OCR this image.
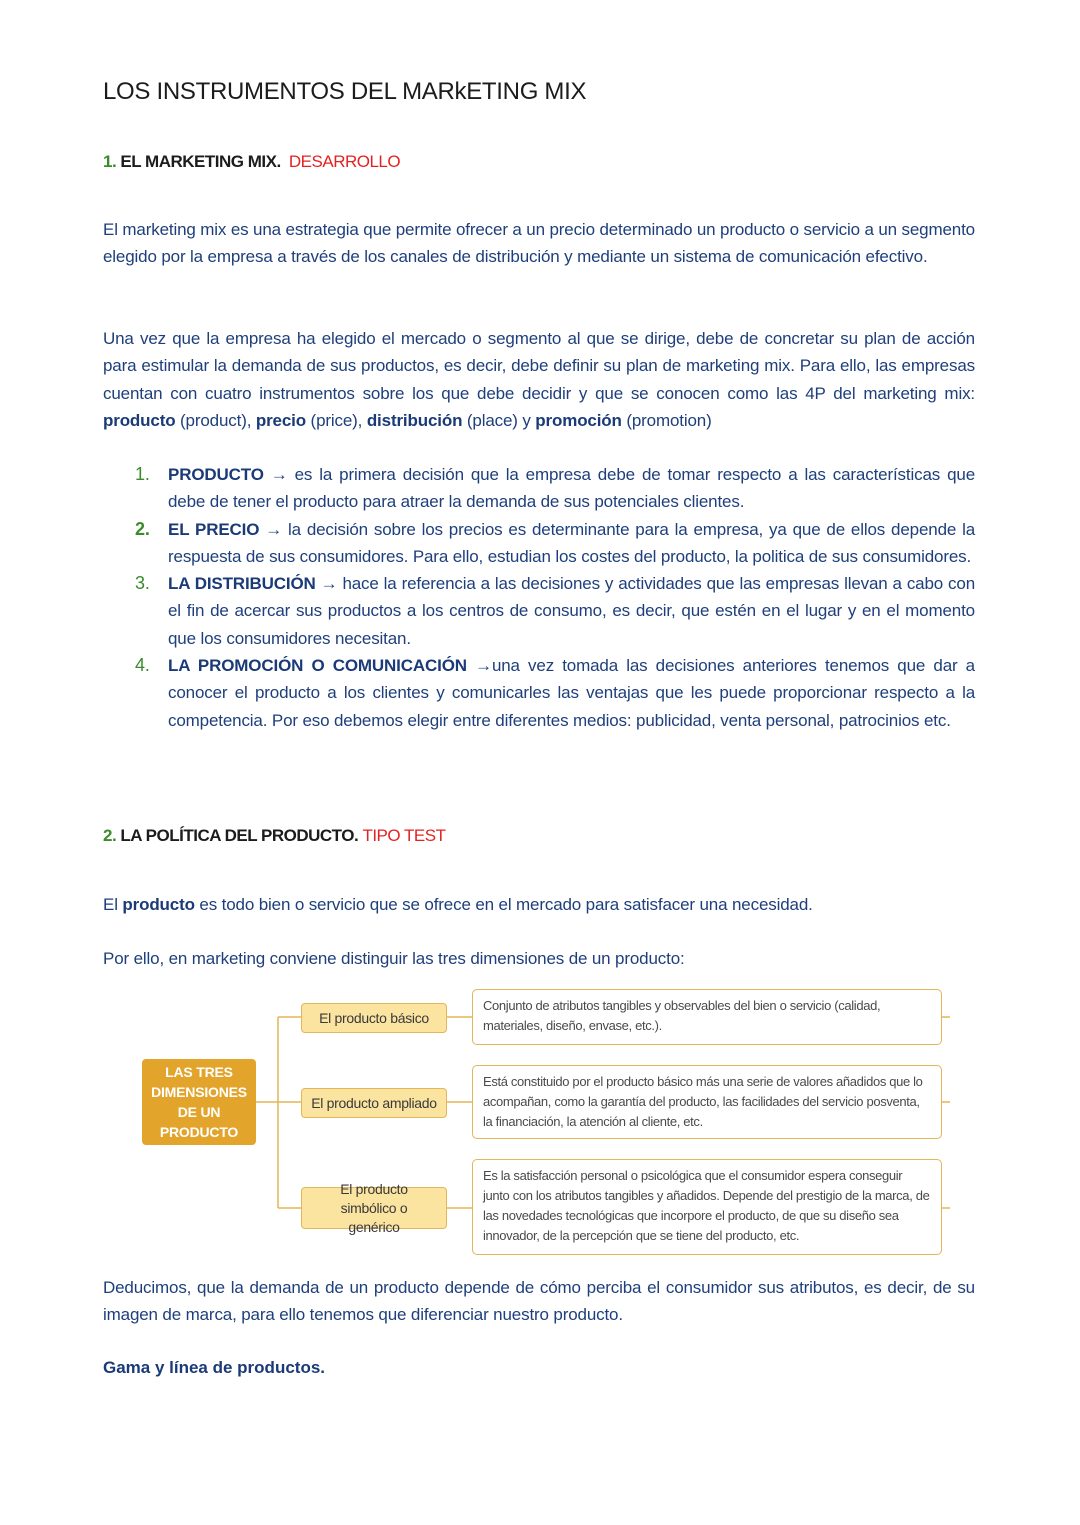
LOS INSTRUMENTOS DEL MARkETING MIX
1. EL MARKETING MIX. DESARROLLO

El marketing mix es una estrategia que permite ofrecer a un precio determinado un producto o servicio a un segmento elegido por la empresa a través de los canales de distribución y mediante un sistema de comunicación efectivo.

Una vez que la empresa ha elegido el mercado o segmento al que se dirige, debe de concretar su plan de acción para estimular la demanda de sus productos, es decir, debe definir su plan de marketing mix. Para ello, las empresas cuentan con cuatro instrumentos sobre los que debe decidir y que se conocen como las 4P del marketing mix: producto (product), precio (price), distribución (place) y promoción (promotion)

1. PRODUCTO → es la primera decisión que la empresa debe de tomar respecto a las características que debe de tener el producto para atraer la demanda de sus potenciales clientes.
2. EL PRECIO → la decisión sobre los precios es determinante para la empresa, ya que de ellos depende la respuesta de sus consumidores. Para ello, estudian los costes del producto, la politica de sus consumidores.
3. LA DISTRIBUCIÓN → hace la referencia a las decisiones y actividades que las empresas llevan a cabo con el fin de acercar sus productos a los centros de consumo, es decir, que estén en el lugar y en el momento que los consumidores necesitan.
4. LA PROMOCIÓN O COMUNICACIÓN →una vez tomada las decisiones anteriores tenemos que dar a conocer el producto a los clientes y comunicarles las ventajas que les puede proporcionar respecto a la competencia. Por eso debemos elegir entre diferentes medios: publicidad, venta personal, patrocinios etc.
2. LA POLÍTICA DEL PRODUCTO. TIPO TEST

El producto es todo bien o servicio que se ofrece en el mercado para satisfacer una necesidad.

Por ello, en marketing conviene distinguir las tres dimensiones de un producto:

LAS TRES DIMENSIONES DE UN PRODUCTO
El producto básico
El producto ampliado
El producto simbólico o genérico
Conjunto de atributos tangibles y observables del bien o servicio (calidad, materiales, diseño, envase, etc.).
Está constituido por el producto básico más una serie de valores añadidos que lo acompañan, como la garantía del producto, las facilidades del servicio posventa, la financiación, la atención al cliente, etc.
Es la satisfacción personal o psicológica que el consumidor espera conseguir junto con los atributos tangibles y añadidos. Depende del prestigio de la marca, de las novedades tecnológicas que incorpore el producto, de que su diseño sea innovador, de la percepción que se tiene del producto, etc.

Deducimos, que la demanda de un producto depende de cómo perciba el consumidor sus atributos, es decir, de su imagen de marca, para ello tenemos que diferenciar nuestro producto.

Gama y línea de productos.
